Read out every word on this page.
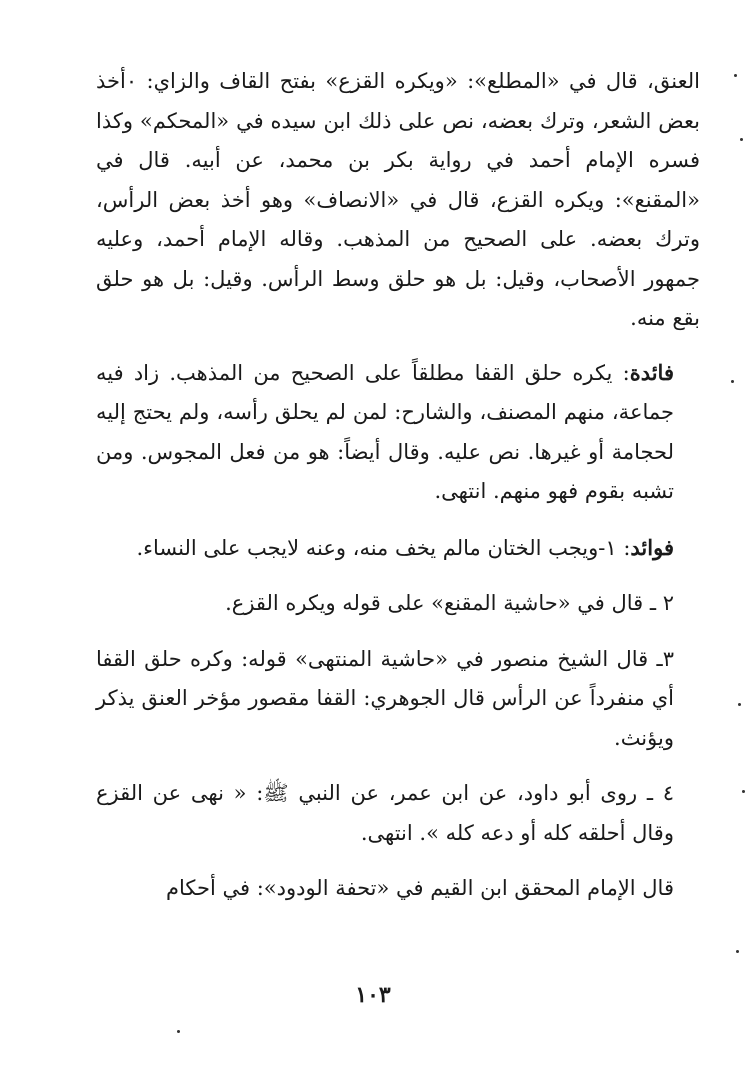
العنق، قال في «المطلع»: «ويكره القزع» بفتح القاف والزاي: ٠أخذ بعض الشعر، وترك بعضه، نص على ذلك ابن سيده في «المحكم» وكذا فسره الإمام أحمد في رواية بكر بن محمد، عن أبيه. قال في «المقنع»: ويكره القزع، قال في «الانصاف» وهو أخذ بعض الرأس، وترك بعضه. على الصحيح من المذهب. وقاله الإمام أحمد، وعليه جمهور الأصحاب، وقيل: بل هو حلق وسط الرأس. وقيل: بل هو حلق بقع منه.

فائدة: يكره حلق القفا مطلقاً على الصحيح من المذهب. زاد فيه جماعة، منهم المصنف، والشارح: لمن لم يحلق رأسه، ولم يحتج إليه لحجامة أو غيرها. نص عليه. وقال أيضاً: هو من فعل المجوس. ومن تشبه بقوم فهو منهم. انتهى.

فوائد: ١-ويجب الختان مالم يخف منه، وعنه لايجب على النساء.

٢ ـ قال في «حاشية المقنع» على قوله ويكره القزع.

٣ـ قال الشيخ منصور في «حاشية المنتهى» قوله: وكره حلق القفا أي منفرداً عن الرأس قال الجوهري: القفا مقصور مؤخر العنق يذكر ويؤنث.

٤ ـ روى أبو داود، عن ابن عمر، عن النبي ﷺ: « نهى عن القزع وقال أحلقه كله أو دعه كله ». انتهى.

قال الإمام المحقق ابن القيم في «تحفة الودود»: في أحكام

١٠٣
